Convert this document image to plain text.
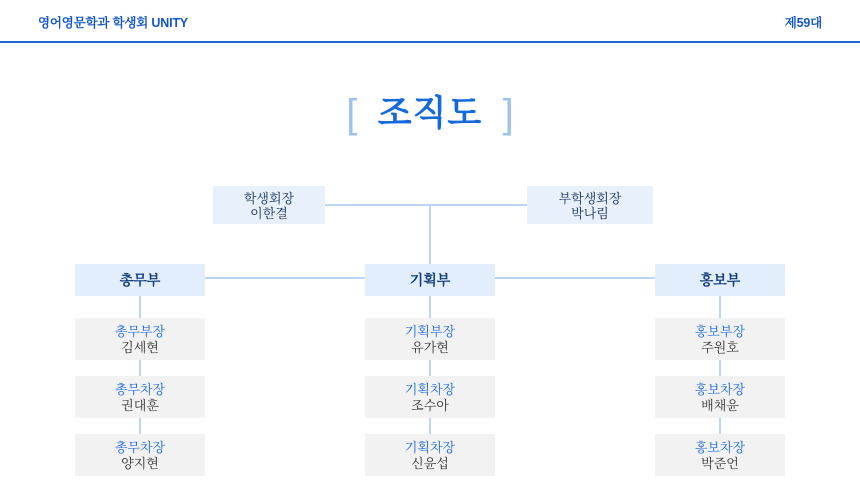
영어영문학과 학생회 UNITY	제59대
[ 조직도 ]
학생회장
이한결
부학생회장
박나림
총무부	기획부	홍보부
총무부장
김세현
총무차장
권대훈
총무차장
양지현
기획부장
유가현
기획차장
조수아
기획차장
신윤섭
홍보부장
주원호
홍보차장
배채윤
홍보차장
박준언
